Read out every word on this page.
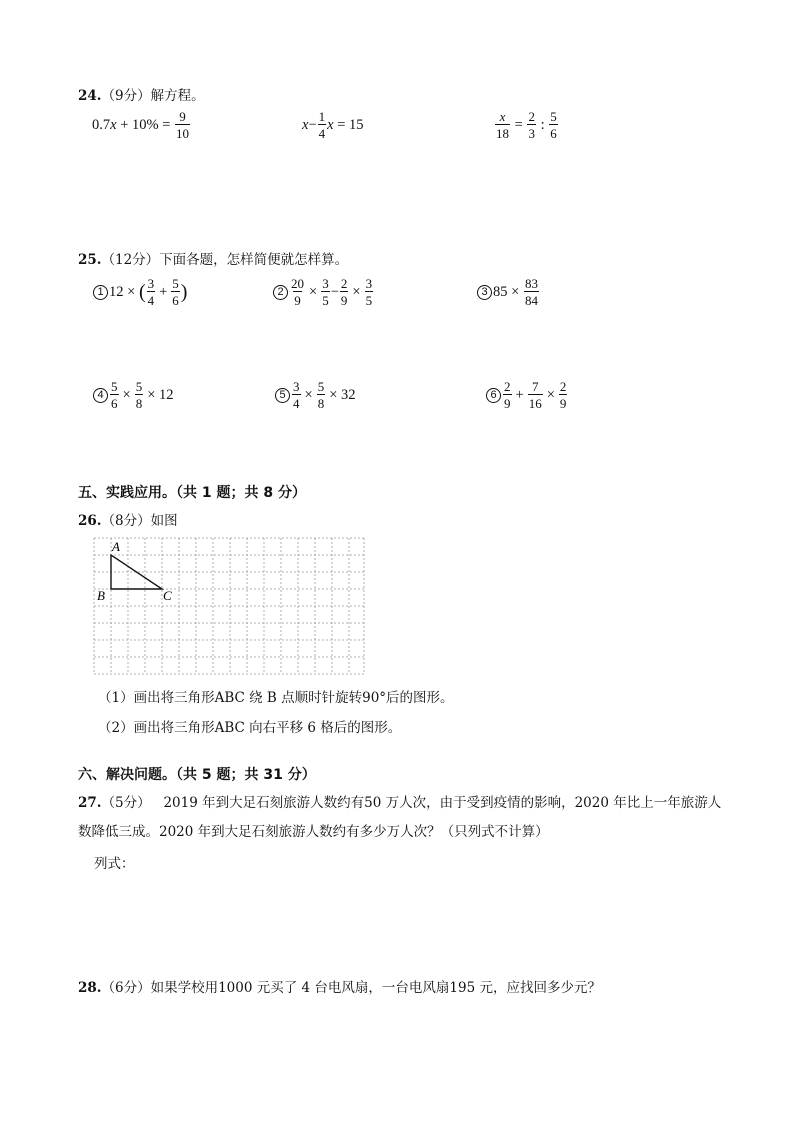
24.（9分）解方程。
0.7 $x + 10\% = \frac{9}{10}$	$x - \frac{1}{4}$ x = 15	$\frac{x}{18} = \frac{2}{3}$ : $\frac{5}{6}$
25.（12分）下面各题，怎样简便就怎样算。
1 12 × ( $\frac{3}{4} + \frac{5}{6}$ )	$2 \frac{20}{9} \times \frac{3}{5} - \frac{2}{9} \times \frac{3}{5}$	3 $85 \times \frac{83}{84}$
$4 \frac{5}{6} \times \frac{5}{8} \times 12$	$5 \frac{3}{4} \times \frac{5}{8} \times 32$	$6 \frac{2}{9} + \frac{7}{16} \times \frac{2}{9}$
五、实践应用。（共 1 题；共 8 分）
26.（8分）如图
A
B	C
（1）画出将三角形ABC 绕 B 点顺时针旋转90°后的图形。
（2）画出将三角形ABC 向右平移 6 格后的图形。
六、解决问题。（共 5 题；共 31 分）
27.（5分）   2019 年到大足石刻旅游人数约有50 万人次，由于受到疫情的影响，2020 年比上一年旅游人
数降低三成。2020 年到大足石刻旅游人数约有多少万人次？（只列式不计算）
列式：
28.（6分）如果学校用1000 元买了 4 台电风扇，一台电风扇195 元，应找回多少元？
